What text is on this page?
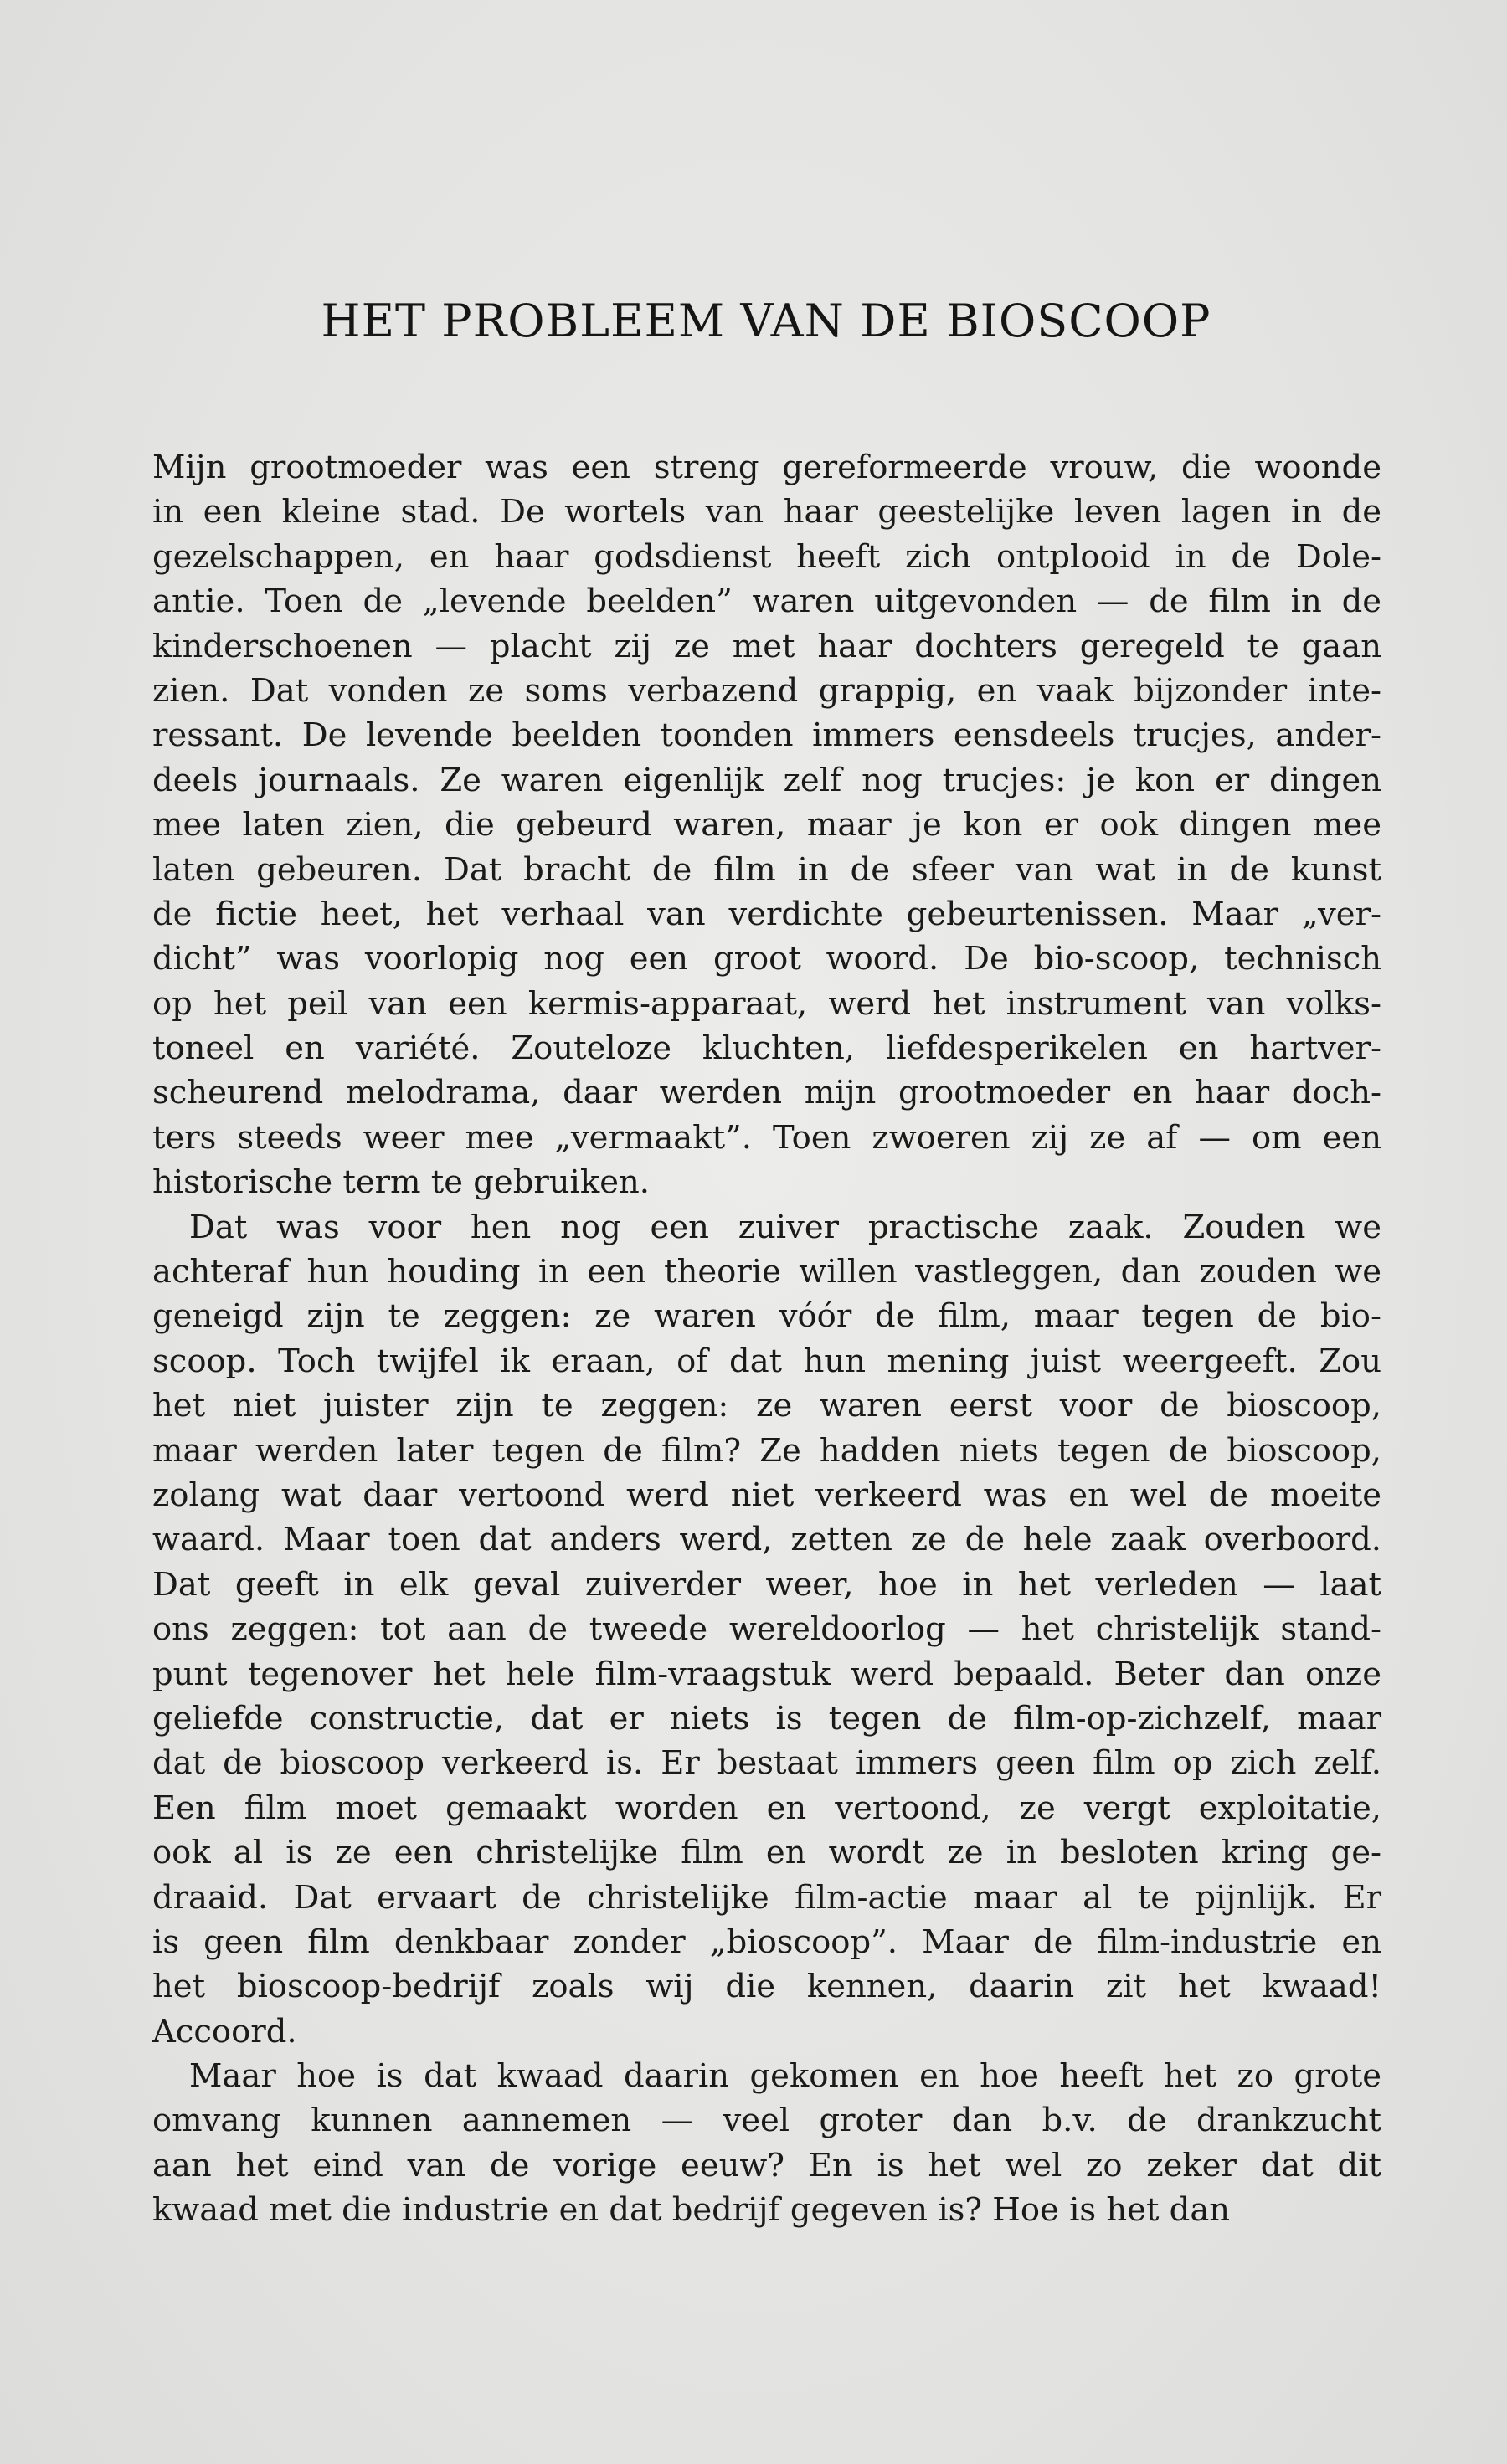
HET PROBLEEM VAN DE BIOSCOOP
Mijn grootmoeder was een streng gereformeerde vrouw, die woonde
in een kleine stad. De wortels van haar geestelijke leven lagen in de
gezelschappen, en haar godsdienst heeft zich ontplooid in de Dole-
antie. Toen de „levende beelden” waren uitgevonden — de film in de
kinderschoenen — placht zij ze met haar dochters geregeld te gaan
zien. Dat vonden ze soms verbazend grappig, en vaak bijzonder inte-
ressant. De levende beelden toonden immers eensdeels trucjes, ander-
deels journaals. Ze waren eigenlijk zelf nog trucjes: je kon er dingen
mee laten zien, die gebeurd waren, maar je kon er ook dingen mee
laten gebeuren. Dat bracht de film in de sfeer van wat in de kunst
de fictie heet, het verhaal van verdichte gebeurtenissen. Maar „ver-
dicht” was voorlopig nog een groot woord. De bio-scoop, technisch
op het peil van een kermis-apparaat, werd het instrument van volks-
toneel en variété. Zouteloze kluchten, liefdesperikelen en hartver-
scheurend melodrama, daar werden mijn grootmoeder en haar doch-
ters steeds weer mee „vermaakt”. Toen zwoeren zij ze af — om een
historische term te gebruiken.
Dat was voor hen nog een zuiver practische zaak. Zouden we
achteraf hun houding in een theorie willen vastleggen, dan zouden we
geneigd zijn te zeggen: ze waren vóór de film, maar tegen de bio-
scoop. Toch twijfel ik eraan, of dat hun mening juist weergeeft. Zou
het niet juister zijn te zeggen: ze waren eerst voor de bioscoop,
maar werden later tegen de film? Ze hadden niets tegen de bioscoop,
zolang wat daar vertoond werd niet verkeerd was en wel de moeite
waard. Maar toen dat anders werd, zetten ze de hele zaak overboord.
Dat geeft in elk geval zuiverder weer, hoe in het verleden — laat
ons zeggen: tot aan de tweede wereldoorlog — het christelijk stand-
punt tegenover het hele film-vraagstuk werd bepaald. Beter dan onze
geliefde constructie, dat er niets is tegen de film-op-zichzelf, maar
dat de bioscoop verkeerd is. Er bestaat immers geen film op zich zelf.
Een film moet gemaakt worden en vertoond, ze vergt exploitatie,
ook al is ze een christelijke film en wordt ze in besloten kring ge-
draaid. Dat ervaart de christelijke film-actie maar al te pijnlijk. Er
is geen film denkbaar zonder „bioscoop”. Maar de film-industrie en
het bioscoop-bedrijf zoals wij die kennen, daarin zit het kwaad!
Accoord.
Maar hoe is dat kwaad daarin gekomen en hoe heeft het zo grote
omvang kunnen aannemen — veel groter dan b.v. de drankzucht
aan het eind van de vorige eeuw? En is het wel zo zeker dat dit
kwaad met die industrie en dat bedrijf gegeven is? Hoe is het dan
